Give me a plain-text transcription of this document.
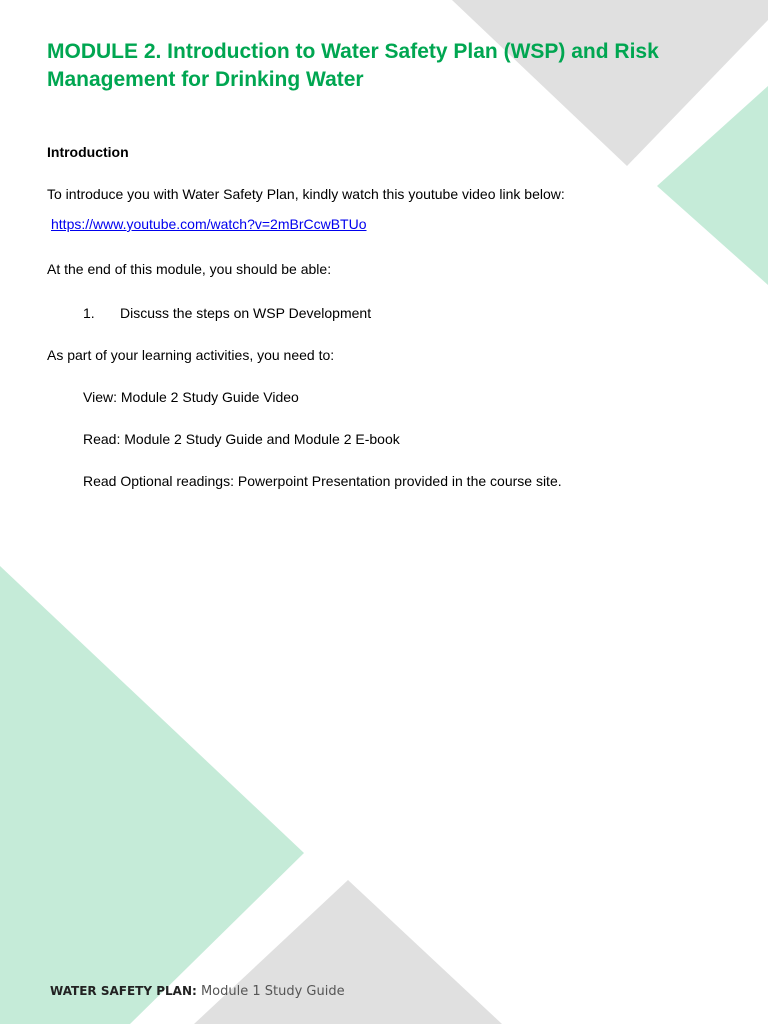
MODULE 2. Introduction to Water Safety Plan (WSP) and Risk Management for Drinking Water
Introduction
To introduce you with Water Safety Plan, kindly watch this youtube video link below:
https://www.youtube.com/watch?v=2mBrCcwBTUo
At the end of this module, you should be able:
1. Discuss the steps on WSP Development
As part of your learning activities, you need to:
View: Module 2 Study Guide Video
Read: Module 2 Study Guide and Module 2 E-book
Read Optional readings: Powerpoint Presentation provided in the course site.
WATER SAFETY PLAN: Module 1 Study Guide
